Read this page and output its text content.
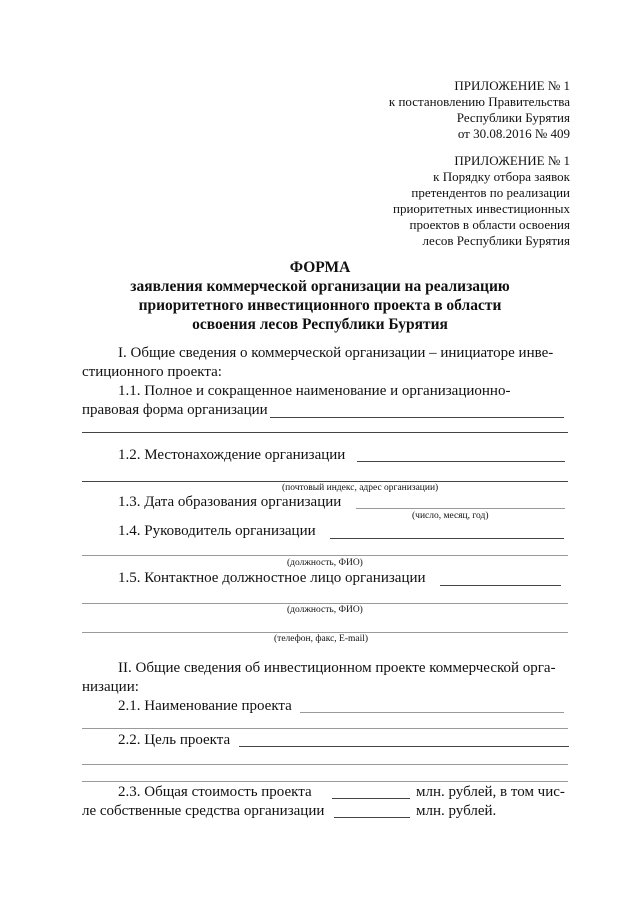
ПРИЛОЖЕНИЕ № 1
к постановлению Правительства
Республики Бурятия
от 30.08.2016 № 409
ПРИЛОЖЕНИЕ № 1
к Порядку отбора заявок
претендентов по реализации
приоритетных инвестиционных
проектов в области освоения
лесов Республики Бурятия
ФОРМА
заявления коммерческой организации на реализацию
приоритетного инвестиционного проекта в области
освоения лесов Республики Бурятия
I. Общие сведения о коммерческой организации – инициаторе инве-
стиционного проекта:
1.1. Полное и сокращенное наименование и организационно-
правовая форма организации
1.2. Местонахождение организации
(почтовый индекс, адрес организации)
1.3. Дата образования организации
(число, месяц, год)
1.4. Руководитель организации
(должность, ФИО)
1.5. Контактное должностное лицо организации
(должность, ФИО)
(телефон, факс, E-mail)
II. Общие сведения об инвестиционном проекте коммерческой орга-
низации:
2.1. Наименование проекта
2.2. Цель проекта
2.3. Общая стоимость проекта	млн. рублей, в том чис-
ле собственные средства организации	млн. рублей.
